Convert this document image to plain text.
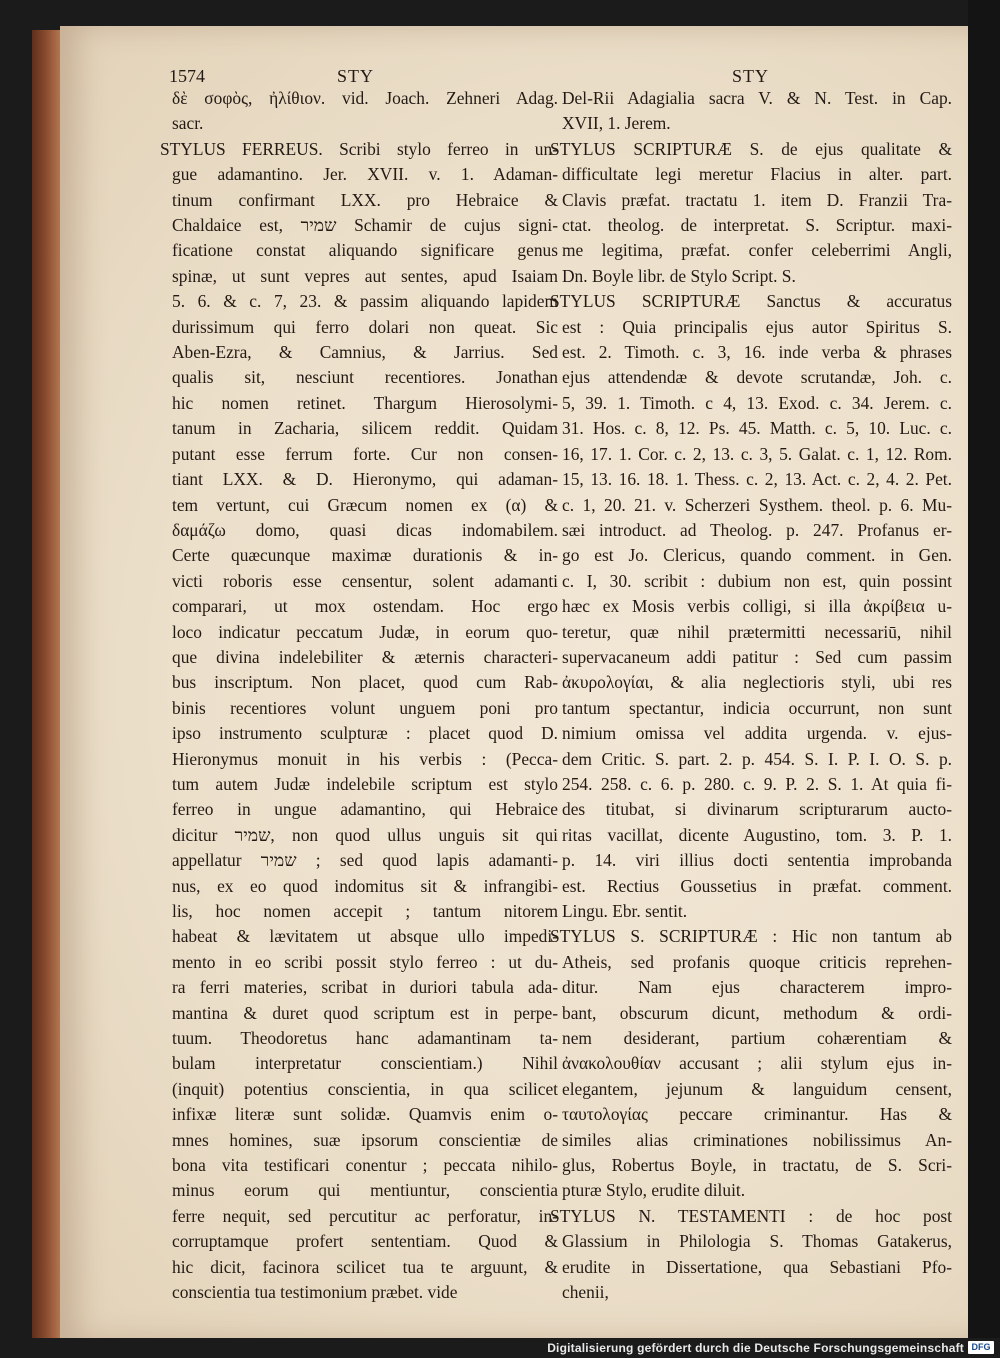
1574	STY
δὲ σοφὸς, ἠλίθιον. vid. Joach. Zehneri Adag.
sacr.
STYLUS FERREUS. Scribi stylo ferreo in un-
gue adamantino. Jer. XVII. v. 1. Adaman-
tinum confirmant LXX. pro Hebraice &
Chaldaice est, שמיר Schamir de cujus signi-
ficatione constat aliquando significare genus
spinæ, ut sunt vepres aut sentes, apud Isaiam
5. 6. & c. 7, 23. & passim aliquando lapidem
durissimum qui ferro dolari non queat. Sic
Aben-Ezra, & Camnius, & Jarrius. Sed
qualis sit, nesciunt recentiores. Jonathan
hic nomen retinet. Thargum Hierosolymi-
tanum in Zacharia, silicem reddit. Quidam
putant esse ferrum forte. Cur non consen-
tiant LXX. & D. Hieronymo, qui adaman-
tem vertunt, cui Græcum nomen ex (α) &
δαμάζω domo, quasi dicas indomabilem.
Certe quæcunque maximæ durationis & in-
victi roboris esse censentur, solent adamanti
comparari, ut mox ostendam. Hoc ergo
loco indicatur peccatum Judæ, in eorum quo-
que divina indelebiliter & æternis characteri-
bus inscriptum. Non placet, quod cum Rab-
binis recentiores volunt unguem poni pro
ipso instrumento sculpturæ : placet quod D.
Hieronymus monuit in his verbis : (Pecca-
tum autem Judæ indelebile scriptum est stylo
ferreo in ungue adamantino, qui Hebraice
dicitur שמיר, non quod ullus unguis sit qui
appellatur שמיר ; sed quod lapis adamanti-
nus, ex eo quod indomitus sit & infrangibi-
lis, hoc nomen accepit ; tantum nitorem
habeat & lævitatem ut absque ullo impedi-
mento in eo scribi possit stylo ferreo : ut du-
ra ferri materies, scribat in duriori tabula ada-
mantina & duret quod scriptum est in perpe-
tuum. Theodoretus hanc adamantinam ta-
bulam interpretatur conscientiam.) Nihil
(inquit) potentius conscientia, in qua scilicet
infixæ literæ sunt solidæ. Quamvis enim o-
mnes homines, suæ ipsorum conscientiæ de
bona vita testificari conentur ; peccata nihilo-
minus eorum qui mentiuntur, conscientia
ferre nequit, sed percutitur ac perforatur, in-
corruptamque profert sententiam. Quod &
hic dicit, facinora scilicet tua te arguunt, &
conscientia tua testimonium præbet. vide
STY
Del-Rii Adagialia sacra V. & N. Test. in Cap.
XVII, 1. Jerem.
STYLUS SCRIPTURÆ S. de ejus qualitate &
difficultate legi meretur Flacius in alter. part.
Clavis præfat. tractatu 1. item D. Franzii Tra-
ctat. theolog. de interpretat. S. Scriptur. maxi-
me legitima, præfat. confer celeberrimi Angli,
Dn. Boyle libr. de Stylo Script. S.
STYLUS SCRIPTURÆ Sanctus & accuratus
est : Quia principalis ejus autor Spiritus S.
est. 2. Timoth. c. 3, 16. inde verba & phrases
ejus attendendæ & devote scrutandæ, Joh. c.
5, 39. 1. Timoth. c 4, 13. Exod. c. 34. Jerem. c.
31. Hos. c. 8, 12. Ps. 45. Matth. c. 5, 10. Luc. c.
16, 17. 1. Cor. c. 2, 13. c. 3, 5. Galat. c. 1, 12. Rom.
15, 13. 16. 18. 1. Thess. c. 2, 13. Act. c. 2, 4. 2. Pet.
c. 1, 20. 21. v. Scherzeri Systhem. theol. p. 6. Mu-
sæi introduct. ad Theolog. p. 247. Profanus er-
go est Jo. Clericus, quando comment. in Gen.
c. I, 30. scribit : dubium non est, quin possint
hæc ex Mosis verbis colligi, si illa ἀκρίβεια u-
teretur, quæ nihil prætermitti necessariū, nihil
supervacaneum addi patitur : Sed cum passim
ἀκυρολογίαι, & alia neglectioris styli, ubi res
tantum spectantur, indicia occurrunt, non sunt
nimium omissa vel addita urgenda. v. ejus-
dem Critic. S. part. 2. p. 454. S. I. P. I. O. S. p.
254. 258. c. 6. p. 280. c. 9. P. 2. S. 1. At quia fi-
des titubat, si divinarum scripturarum aucto-
ritas vacillat, dicente Augustino, tom. 3. P. 1.
p. 14. viri illius docti sententia improbanda
est. Rectius Goussetius in præfat. comment.
Lingu. Ebr. sentit.
STYLUS S. SCRIPTURÆ : Hic non tantum ab
Atheis, sed profanis quoque criticis reprehen-
ditur. Nam ejus characterem impro-
bant, obscurum dicunt, methodum & ordi-
nem desiderant, partium cohærentiam &
ἀνακολουθίαν accusant ; alii stylum ejus in-
elegantem, jejunum & languidum censent,
ταυτολογίας peccare criminantur. Has &
similes alias criminationes nobilissimus An-
glus, Robertus Boyle, in tractatu, de S. Scri-
pturæ Stylo, erudite diluit.
STYLUS N. TESTAMENTI : de hoc post
Glassium in Philologia S. Thomas Gatakerus,
erudite in Dissertatione, qua Sebastiani Pfo-
chenii,
Digitalisierung gefördert durch die Deutsche Forschungsgemeinschaft DFG
